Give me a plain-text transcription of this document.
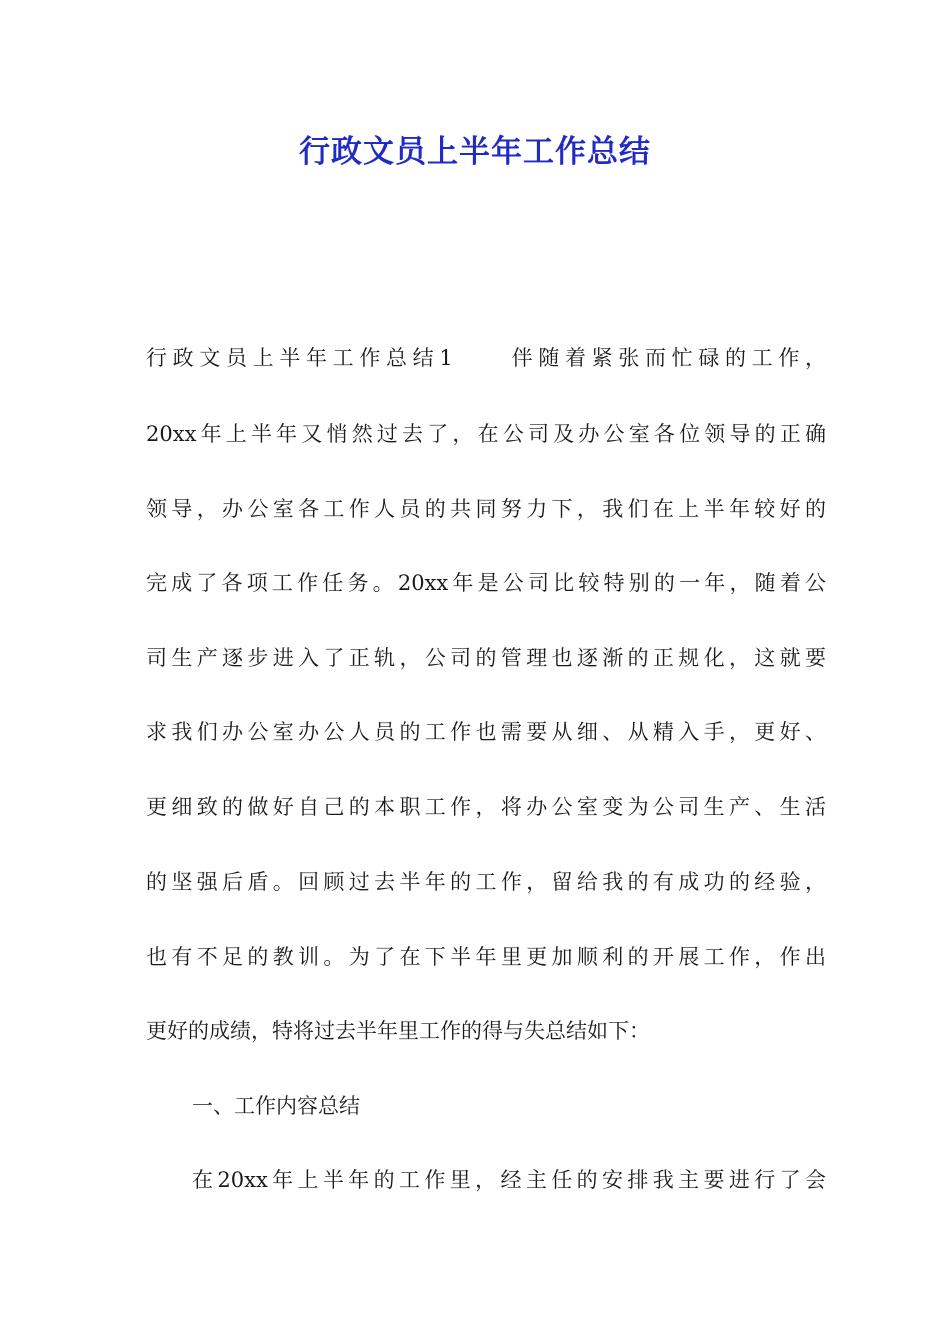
行政文员上半年工作总结

行政文员上半年工作总结1　　伴随着紧张而忙碌的工作，

20xx年上半年又悄然过去了，在公司及办公室各位领导的正确

领导，办公室各工作人员的共同努力下，我们在上半年较好的

完成了各项工作任务。20xx年是公司比较特别的一年，随着公

司生产逐步进入了正轨，公司的管理也逐渐的正规化，这就要

求我们办公室办公人员的工作也需要从细、从精入手，更好、

更细致的做好自己的本职工作，将办公室变为公司生产、生活

的坚强后盾。回顾过去半年的工作，留给我的有成功的经验，

也有不足的教训。为了在下半年里更加顺利的开展工作，作出

更好的成绩，特将过去半年里工作的得与失总结如下：

一、工作内容总结

在20xx年上半年的工作里，经主任的安排我主要进行了会
